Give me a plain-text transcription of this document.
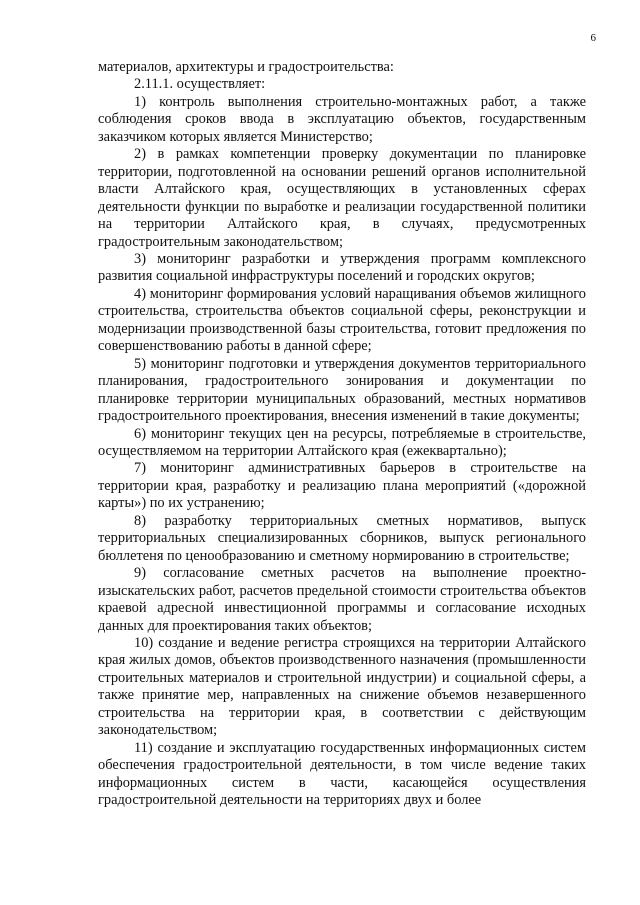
6

материалов, архитектуры и градостроительства:

2.11.1. осуществляет:

1) контроль выполнения строительно-монтажных работ, а также соблюдения сроков ввода в эксплуатацию объектов, государственным заказчиком которых является Министерство;

2) в рамках компетенции проверку документации по планировке территории, подготовленной на основании решений органов исполнительной власти Алтайского края, осуществляющих в установленных сферах деятельности функции по выработке и реализации государственной политики на территории Алтайского края, в случаях, предусмотренных градостроительным законодательством;

3) мониторинг разработки и утверждения программ комплексного развития социальной инфраструктуры поселений и городских округов;

4) мониторинг формирования условий наращивания объемов жилищного строительства, строительства объектов социальной сферы, реконструкции и модернизации производственной базы строительства, готовит предложения по совершенствованию работы в данной сфере;

5) мониторинг подготовки и утверждения документов территориального планирования, градостроительного зонирования и документации по планировке территории муниципальных образований, местных нормативов градостроительного проектирования, внесения изменений в такие документы;

6) мониторинг текущих цен на ресурсы, потребляемые в строительстве, осуществляемом на территории Алтайского края (ежеквартально);

7) мониторинг административных барьеров в строительстве на территории края, разработку и реализацию плана мероприятий («дорожной карты») по их устранению;

8) разработку территориальных сметных нормативов, выпуск территориальных специализированных сборников, выпуск регионального бюллетеня по ценообразованию и сметному нормированию в строительстве;

9) согласование сметных расчетов на выполнение проектно-изыскательских работ, расчетов предельной стоимости строительства объектов краевой адресной инвестиционной программы и согласование исходных данных для проектирования таких объектов;

10) создание и ведение регистра строящихся на территории Алтайского края жилых домов, объектов производственного назначения (промышленности строительных материалов и строительной индустрии) и социальной сферы, а также принятие мер, направленных на снижение объемов незавершенного строительства на территории края, в соответствии с действующим законодательством;

11) создание и эксплуатацию государственных информационных систем обеспечения градостроительной деятельности, в том числе ведение таких информационных систем в части, касающейся осуществления градостроительной деятельности на территориях двух и более
